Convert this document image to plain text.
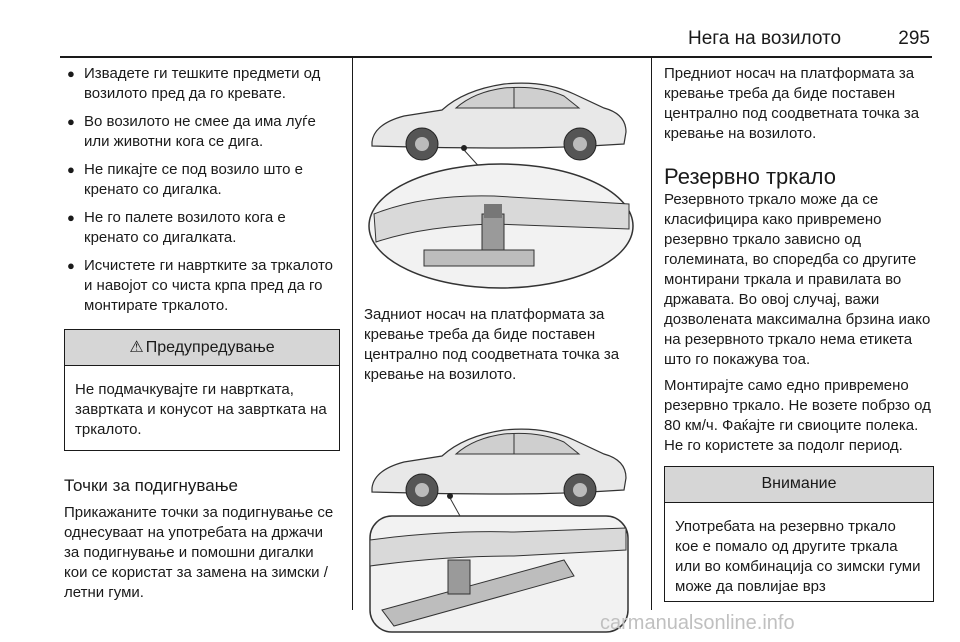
Нега на возилото	295
● Извадете ги тешките предмети од возилото пред да го кревате.
● Во возилото не смее да има луѓе или животни кога се дига.
● Не пикајте се под возило што е кренато со дигалка.
● Не го палете возилото кога е кренато со дигалката.
● Исчистете ги навртките за тркалото и навојот со чиста крпа пред да го монтирате тркалото.
⚠ Предупредување
Не подмачкувајте ги навртката, завртката и конусот на завртката на тркалото.
Точки за подигнување

Прикажаните точки за подигнување се однесуваат на употребата на држачи за подигнување и помошни дигалки кои се користат за замена на зимски / летни гуми.

Задниот носач на платформата за кревање треба да биде поставен централно под соодветната точка за кревање на возилото.

Предниот носач на платформата за кревање треба да биде поставен централно под соодветната точка за кревање на возилото.

Резервно тркало

Резервното тркало може да се класифицира како привремено резервно тркало зависно од големината, во споредба со другите монтирани тркала и правилата во државата. Во овој случај, важи дозволената максимална брзина иако на резервното тркало нема етикета што го покажува тоа.

Монтирајте само едно привремено резервно тркало. Не возете побрзо од 80 км/ч. Фаќајте ги свиоците полека. Не го користете за подолг период.

Внимание
Употребата на резервно тркало кое е помало од другите тркала или во комбинација со зимски гуми може да повлијае врз
carmanualsonline.info
